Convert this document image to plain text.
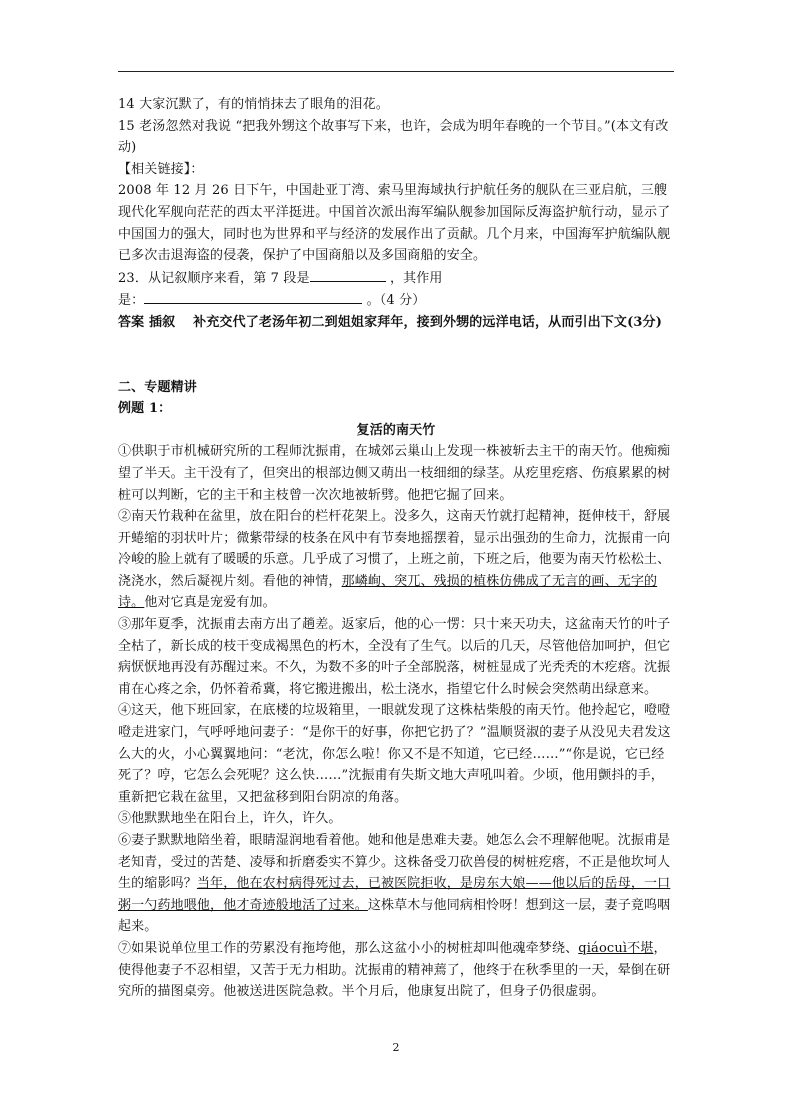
14 大家沉默了，有的悄悄抹去了眼角的泪花。

15 老汤忽然对我说 “把我外甥这个故事写下来，也许，会成为明年春晚的一个节目。”(本文有改动)

【相关链接】：

2008 年 12 月 26 日下午，中国赴亚丁湾、索马里海域执行护航任务的舰队在三亚启航，三艘现代化军舰向茫茫的西太平洋挺进。中国首次派出海军编队舰参加国际反海盗护航行动，显示了中国国力的强大，同时也为世界和平与经济的发展作出了贡献。几个月来，中国海军护航编队舰已多次击退海盗的侵袭，保护了中国商船以及多国商船的安全。

23．从记叙顺序来看，第 7 段是	，其作用

是：	。（4 分）

答案 插叙　 补充交代了老汤年初二到姐姐家拜年，接到外甥的远洋电话，从而引出下文(3分)

二、专题精讲

例题 1：

复活的南天竹

①供职于市机械研究所的工程师沈振甫，在城郊云巢山上发现一株被斩去主干的南天竹。他痴痴望了半天。主干没有了，但突出的根部边侧又萌出一枝细细的绿茎。从疙里疙瘩、伤痕累累的树桩可以判断，它的主干和主枝曾一次次地被斩劈。他把它掘了回来。

②南天竹栽种在盆里，放在阳台的栏杆花架上。没多久，这南天竹就打起精神，挺伸枝干，舒展开蜷缩的羽状叶片；微紫带绿的枝条在风中有节奏地摇摆着，显示出强劲的生命力，沈振甫一向冷峻的脸上就有了暖暖的乐意。几乎成了习惯了，上班之前，下班之后，他要为南天竹松松土、浇浇水，然后凝视片刻。看他的神情，那嶙峋、突兀、残损的植株仿佛成了无言的画、无字的诗。他对它真是宠爱有加。

③那年夏季，沈振甫去南方出了趟差。返家后，他的心一愣：只十来天功夫，这盆南天竹的叶子全枯了，新长成的枝干变成褐黑色的朽木，全没有了生气。以后的几天，尽管他倍加呵护，但它病恹恹地再没有苏醒过来。不久，为数不多的叶子全部脱落，树桩显成了光秃秃的木疙瘩。沈振甫在心疼之余，仍怀着希冀，将它搬进搬出，松土浇水，指望它什么时候会突然萌出绿意来。

④这天，他下班回家，在底楼的垃圾箱里，一眼就发现了这株枯柴般的南天竹。他拎起它，噔噔噔走进家门，气呼呼地问妻子：“是你干的好事，你把它扔了？”温顺贤淑的妻子从没见夫君发这么大的火，小心翼翼地问：“老沈，你怎么啦！你又不是不知道，它已经……”“你是说，它已经死了？哼，它怎么会死呢？这么快……”沈振甫有失斯文地大声吼叫着。少顷，他用颤抖的手，重新把它栽在盆里，又把盆移到阳台阴凉的角落。

⑤他默默地坐在阳台上，许久，许久。

⑥妻子默默地陪坐着，眼睛湿润地看着他。她和他是患难夫妻。她怎么会不理解他呢。沈振甫是老知青，受过的苦楚、凌辱和折磨委实不算少。这株备受刀砍兽侵的树桩疙瘩，不正是他坎坷人生的缩影吗？当年，他在农村病得死过去，已被医院拒收，是房东大娘——他以后的岳母，一口粥一勺药地喂他，他才奇迹般地活了过来。这株草木与他同病相怜呀！想到这一层，妻子竟呜咽起来。

⑦如果说单位里工作的劳累没有拖垮他，那么这盆小小的树桩却叫他魂牵梦绕、qiáocuì不堪，使得他妻子不忍相望，又苦于无力相助。沈振甫的精神蔫了，他终于在秋季里的一天，晕倒在研究所的描图桌旁。他被送进医院急救。半个月后，他康复出院了，但身子仍很虚弱。

2
